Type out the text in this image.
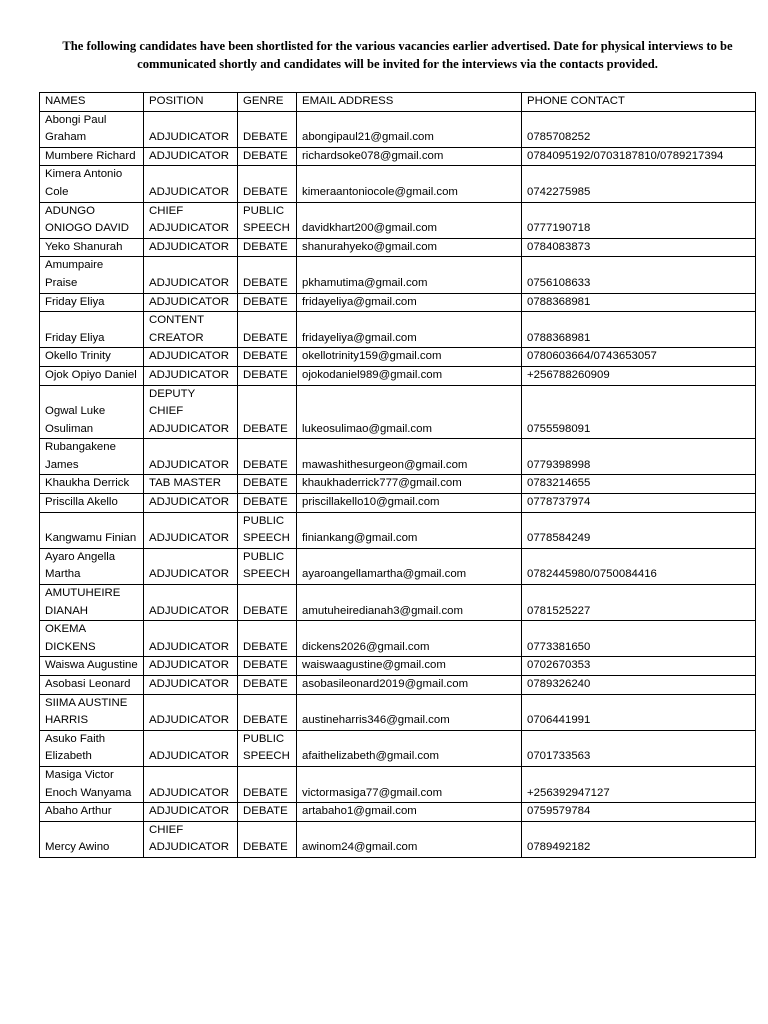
The following candidates have been shortlisted for the various vacancies earlier advertised. Date for physical interviews to be communicated shortly and candidates will be invited for the interviews via the contacts provided.
NAMES	POSITION	GENRE	EMAIL ADDRESS	PHONE CONTACT
Abongi Paul Graham	ADJUDICATOR	DEBATE	abongipaul21@gmail.com	0785708252
Mumbere Richard	ADJUDICATOR	DEBATE	richardsoke078@gmail.com	0784095192/0703187810/0789217394
Kimera Antonio Cole	ADJUDICATOR	DEBATE	kimeraantoniocole@gmail.com	0742275985
ADUNGO ONIOGO DAVID	CHIEF ADJUDICATOR	PUBLIC SPEECH	davidkhart200@gmail.com	0777190718
Yeko Shanurah	ADJUDICATOR	DEBATE	shanurahyeko@gmail.com	0784083873
Amumpaire Praise	ADJUDICATOR	DEBATE	pkhamutima@gmail.com	0756108633
Friday Eliya	ADJUDICATOR	DEBATE	fridayeliya@gmail.com	0788368981
Friday Eliya	CONTENT CREATOR	DEBATE	fridayeliya@gmail.com	0788368981
Okello Trinity	ADJUDICATOR	DEBATE	okellotrinity159@gmail.com	0780603664/0743653057
Ojok Opiyo Daniel	ADJUDICATOR	DEBATE	ojokodaniel989@gmail.com	+256788260909
Ogwal Luke Osuliman	DEPUTY CHIEF ADJUDICATOR	DEBATE	lukeosulimao@gmail.com	0755598091
Rubangakene James	ADJUDICATOR	DEBATE	mawashithesurgeon@gmail.com	0779398998
Khaukha Derrick	TAB MASTER	DEBATE	khaukhaderrick777@gmail.com	0783214655
Priscilla Akello	ADJUDICATOR	DEBATE	priscillakello10@gmail.com	0778737974
Kangwamu Finian	ADJUDICATOR	PUBLIC SPEECH	finiankang@gmail.com	0778584249
Ayaro Angella Martha	ADJUDICATOR	PUBLIC SPEECH	ayaroangellamartha@gmail.com	0782445980/0750084416
AMUTUHEIRE DIANAH	ADJUDICATOR	DEBATE	amutuheiredianah3@gmail.com	0781525227
OKEMA DICKENS	ADJUDICATOR	DEBATE	dickens2026@gmail.com	0773381650
Waiswa Augustine	ADJUDICATOR	DEBATE	waiswaagustine@gmail.com	0702670353
Asobasi Leonard	ADJUDICATOR	DEBATE	asobasileonard2019@gmail.com	0789326240
SIIMA AUSTINE HARRIS	ADJUDICATOR	DEBATE	austineharris346@gmail.com	0706441991
Asuko Faith Elizabeth	ADJUDICATOR	PUBLIC SPEECH	afaithelizabeth@gmail.com	0701733563
Masiga Victor Enoch Wanyama	ADJUDICATOR	DEBATE	victormasiga77@gmail.com	+256392947127
Abaho Arthur	ADJUDICATOR	DEBATE	artabaho1@gmail.com	0759579784
Mercy Awino	CHIEF ADJUDICATOR	DEBATE	awinom24@gmail.com	0789492182
